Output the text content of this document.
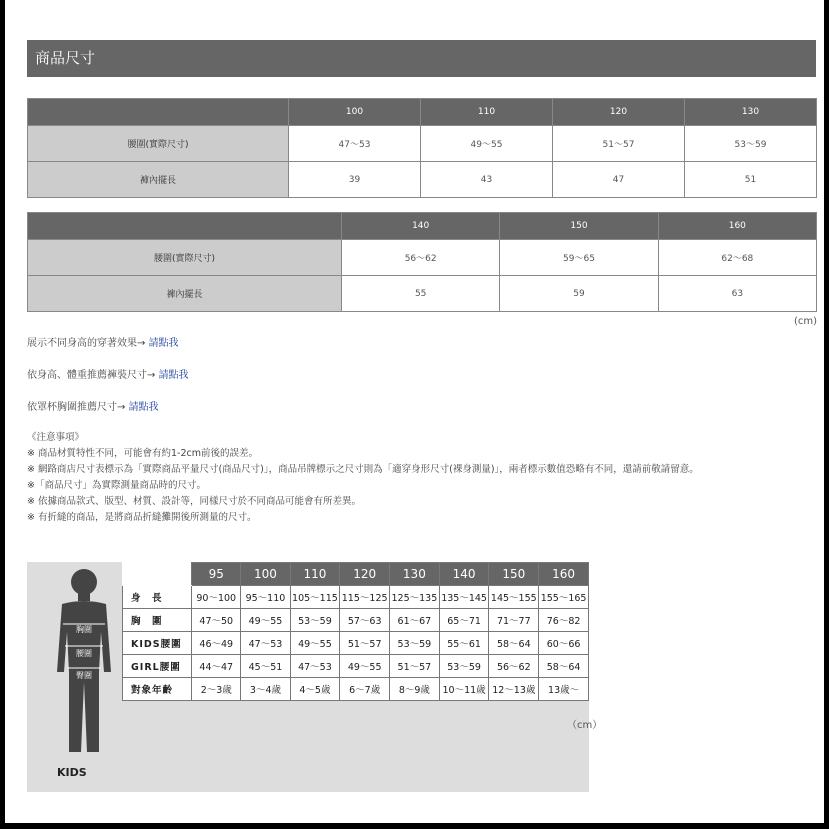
商品尺寸
	100	110	120	130
腰圍(實際尺寸)	47～53	49～55	51～57	53～59
褲內擺長	39	43	47	51
	140	150	160
腰圍(實際尺寸)	56～62	59～65	62～68
褲內擺長	55	59	63
(cm)
展示不同身高的穿著效果→ 請點我
依身高、體重推薦褲裝尺寸→ 請點我
依罩杯胸圍推薦尺寸→ 請點我
《注意事項》
※ 商品材質特性不同，可能會有約1-2cm前後的誤差。
※ 網路商店尺寸表標示為「實際商品平量尺寸(商品尺寸)」，商品吊牌標示之尺寸則為「適穿身形尺寸(裸身測量)」，兩者標示數值恐略有不同，還請前敬請留意。
※「商品尺寸」為實際測量商品時的尺寸。
※ 依據商品款式、版型、材質、設計等，同樣尺寸於不同商品可能會有所差異。
※ 有折縫的商品，是將商品折縫攤開後所測量的尺寸。
胸圍
腰圍
臀圍
KIDS
	95	100	110	120	130	140	150	160
身　長	90～100	95～110	105～115	115～125	125～135	135～145	145～155	155～165
胸　圍	47～50	49～55	53～59	57～63	61～67	65～71	71～77	76～82
KIDS腰圍	46～49	47～53	49～55	51～57	53～59	55～61	58～64	60～66
GIRL腰圍	44～47	45～51	47～53	49～55	51～57	53～59	56～62	58～64
對象年齡	2～3歲	3～4歲	4～5歲	6～7歲	8～9歲	10～11歲	12～13歲	13歲～
（cm）
